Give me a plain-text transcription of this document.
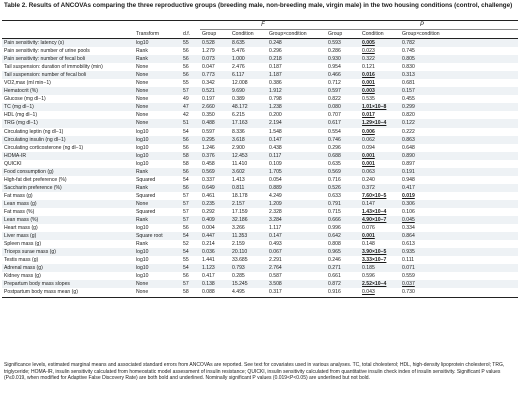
Table 2. Results of ANCOVAs comparing the three reproductive groups (breeding male, non-breeding male, virgin male) in the two housing conditions (control, challenge)
			F			P		
	Transform	d.f.	Group	Condition	Group×condition	Group	Condition	Group×condition
Pain sensitivity: latency (s)	log10	55	0.528	8.635	0.248	0.593	0.005	0.782
Pain sensitivity: number of urine pools	Rank	56	1.279	5.476	0.296	0.286	0.023	0.745
Pain sensitivity: number of fecal boli	Rank	56	0.073	1.000	0.218	0.930	0.322	0.805
Tail suspension: duration of immobility (min)	None	56	0.047	2.476	0.187	0.954	0.121	0.830
Tail suspension: number of fecal boli	None	56	0.773	6.117	1.187	0.466	0.016	0.313
VO2,max (ml min−1)	None	55	0.342	12.008	0.386	0.712	0.001	0.681
Hematocrit (%)	None	57	0.521	9.690	1.912	0.597	0.003	0.157
Glucose (mg dl−1)	None	49	0.197	0.389	0.798	0.822	0.535	0.455
TC (mg dl−1)	None	47	2.660	48.172	1.238	0.080	1.01×10−8	0.299
HDL (mg dl−1)	None	42	0.350	6.215	0.200	0.707	0.017	0.820
TRG (mg dl−1)	None	51	0.488	17.163	2.194	0.617	1.29×10−4	0.122
Circulating leptin (ng dl−1)	log10	54	0.597	8.336	1.548	0.554	0.006	0.222
Circulating insulin (ng dl−1)	log10	56	0.295	3.618	0.147	0.746	0.062	0.863
Circulating corticosterone (ng dl−1)	log10	56	1.246	2.900	0.438	0.296	0.094	0.648
HOMA-IR	log10	58	0.376	12.453	0.117	0.688	0.001	0.890
QUICKI	log10	58	0.458	11.410	0.109	0.635	0.001	0.897
Food consumption (g)	Rank	56	0.569	3.602	1.705	0.569	0.063	0.191
High-fat diet preference (%)	Squared	54	0.337	1.413	0.054	0.716	0.240	0.948
Saccharin preference (%)	Rank	56	0.649	0.811	0.889	0.526	0.372	0.417
Fat mass (g)	Squared	57	0.461	18.178	4.249	0.633	7.60×10−5	0.019
Lean mass (g)	None	57	0.235	2.157	1.209	0.791	0.147	0.306
Fat mass (%)	Squared	57	0.292	17.159	2.328	0.715	1.43×10−4	0.106
Lean mass (%)	Rank	57	0.409	32.186	3.284	0.666	4.90×10−7	0.045
Heart mass (g)	log10	56	0.004	3.266	1.117	0.996	0.076	0.334
Liver mass (g)	Square root	54	0.447	11.353	0.147	0.642	0.001	0.864
Spleen mass (g)	Rank	52	0.214	2.159	0.493	0.808	0.148	0.613
Triceps surae mass (g)	log10	54	0.036	20.110	0.067	0.965	3.90×10−5	0.935
Testis mass (g)	log10	55	1.441	33.685	2.291	0.246	3.33×10−7	0.111
Adrenal mass (g)	log10	54	1.123	0.793	2.764	0.271	0.185	0.071
Kidney mass (g)	log10	56	0.417	0.285	0.587	0.661	0.596	0.559
Prepartum body mass slopes	None	57	0.138	15.245	3.508	0.872	2.52×10−4	0.037
Postpartum body mass mean (g)	None	58	0.088	4.495	0.317	0.916	0.043	0.730
Significance levels, estimated marginal means and associated standard errors from ANCOVAs are reported. See text for covariates used in various analyses. TC, total cholesterol; HDL, high-density lipoprotein cholesterol; TRG, triglyceride; HOMA-IR, insulin sensitivity calculated from homeostatic model assessment of insulin resistance; QUICKI, insulin sensitivity calculated from quantitative insulin check index of insulin sensitivity. Significant P values (P≤0.019, when modified for Adaptive False Discovery Rate) are both bold and underlined. Nominally significant P values (0.019<P<0.05) are underlined but not bold.
